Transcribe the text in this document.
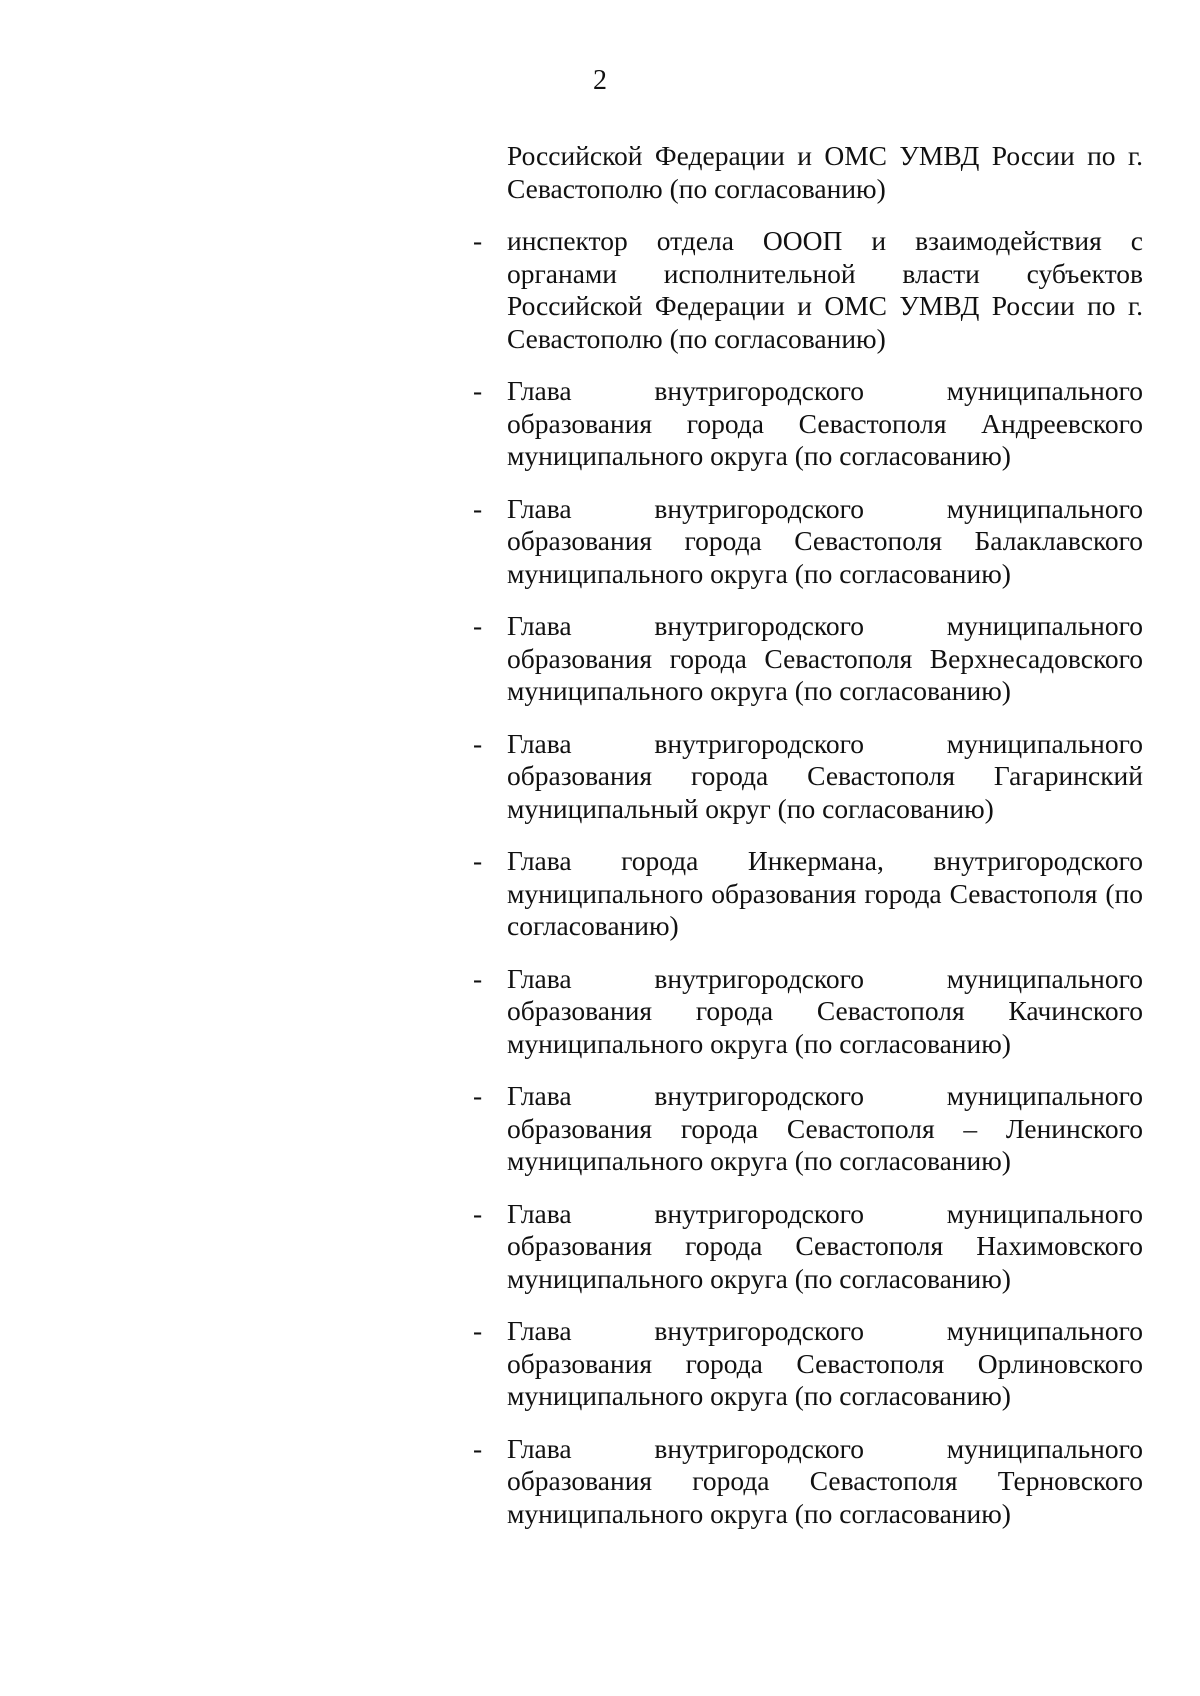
2
Российской Федерации и ОМС УМВД России по г. Севастополю (по согласованию)
- инспектор отдела ОООП и взаимодействия с органами исполнительной власти субъектов Российской Федерации и ОМС УМВД России по г. Севастополю (по согласованию)
- Глава внутригородского муниципального образования города Севастополя Андреевского муниципального округа (по согласованию)
- Глава внутригородского муниципального образования города Севастополя Балаклавского муниципального округа (по согласованию)
- Глава внутригородского муниципального образования города Севастополя Верхнесадовского муниципального округа (по согласованию)
- Глава внутригородского муниципального образования города Севастополя Гагаринский муниципальный округ (по согласованию)
- Глава города Инкермана, внутригородского муниципального образования города Севастополя (по согласованию)
- Глава внутригородского муниципального образования города Севастополя Качинского муниципального округа (по согласованию)
- Глава внутригородского муниципального образования города Севастополя – Ленинского муниципального округа (по согласованию)
- Глава внутригородского муниципального образования города Севастополя Нахимовского муниципального округа (по согласованию)
- Глава внутригородского муниципального образования города Севастополя Орлиновского муниципального округа (по согласованию)
- Глава внутригородского муниципального образования города Севастополя Терновского муниципального округа (по согласованию)
